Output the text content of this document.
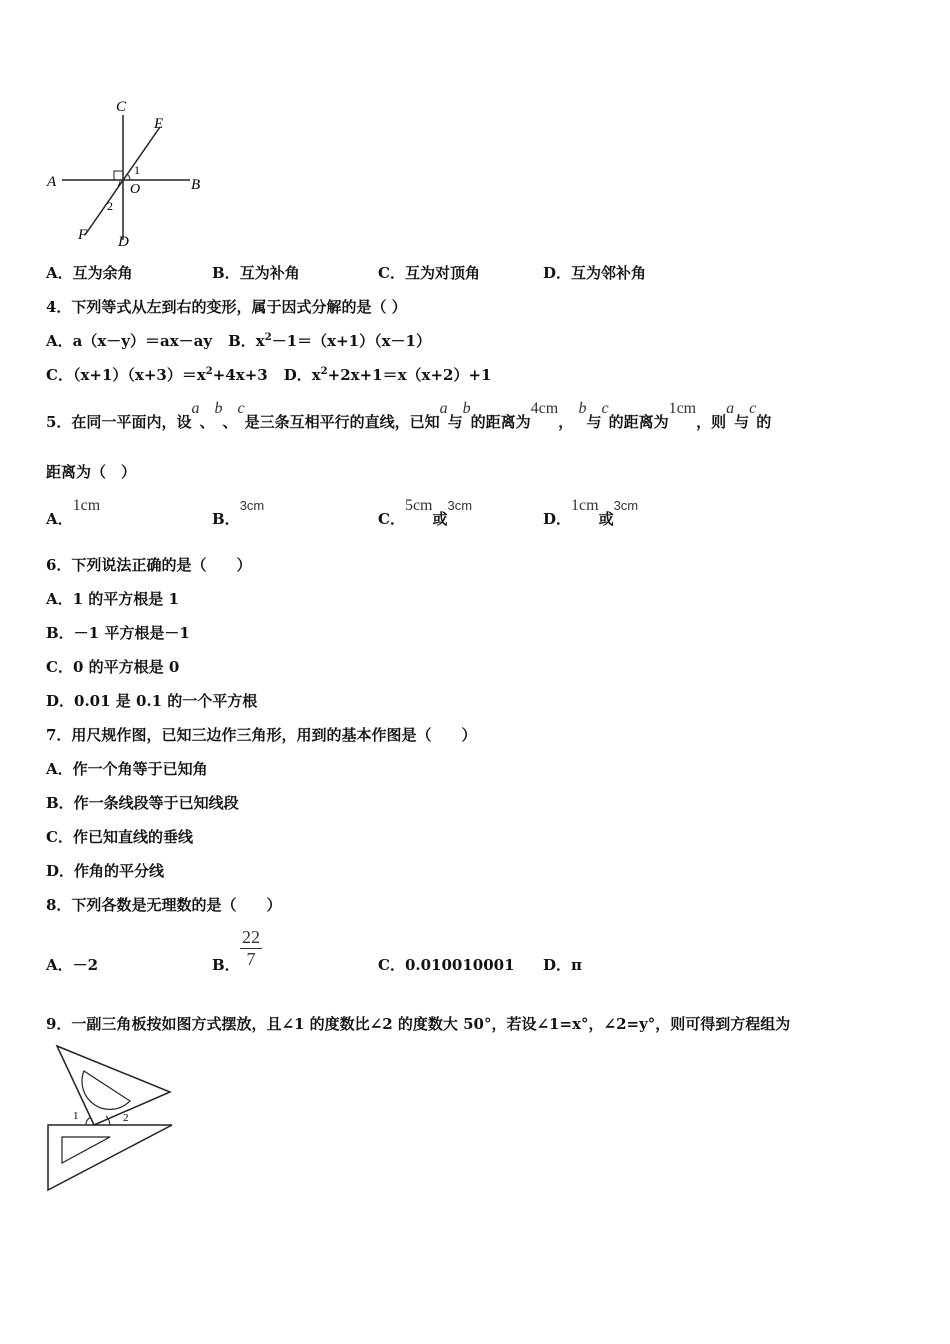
C
E
A	B
O
1
2
F D
A．互为余角	B．互为补角	C．互为对顶角	D．互为邻补角
4．下列等式从左到右的变形，属于因式分解的是（ ）
A．a（x－y）＝ax－ay B．$x^2-1=(x+1)(x-1)$
C．$(x+1)(x+3)=x^2+4x+3$ D．$x^2+2x+1=x(x+2)+1$
5．在同一平面内，设a、b、c是三条互相平行的直线，已知a与b的距离为4cm， b与c的距离为1cm，则a与c的
距离为（　）
A．1cm
B．3cm
C．5cm或3cm
D．1cm或3cm
6．下列说法正确的是（　　）
A．1 的平方根是 1
B．－1 平方根是－1
C．0 的平方根是 0
D．0.01 是 0.1 的一个平方根
7．用尺规作图，已知三边作三角形，用到的基本作图是（　　）
A．作一个角等于已知角
B．作一条线段等于已知线段
C．作已知直线的垂线
D．作角的平分线
8．下列各数是无理数的是（　　）
A．－2	B． $\frac{22}{7}$	C．0.010010001 D．π
9．一副三角板按如图方式摆放，且∠1 的度数比∠2 的度数大 50°，若设∠1=x°，∠2=y°，则可得到方程组为
1	2
